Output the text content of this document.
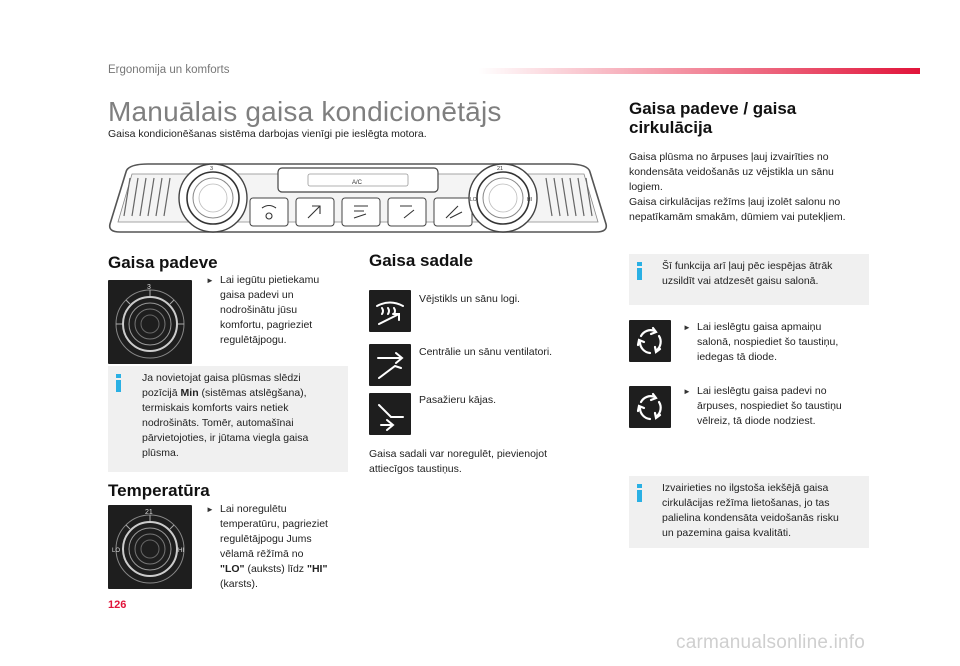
Ergonomija un komforts
Manuālais gaisa kondicionētājs
Gaisa kondicionēšanas sistēma darbojas vienīgi pie ieslēgta motora.
A/C
3	21
LO	HI
Gaisa padeve
3
► Lai iegūtu pietiekamu
gaisa padevi un
nodrošinātu jūsu
komfortu, pagrieziet
regulētājpogu.
Ja novietojat gaisa plūsmas slēdzi
pozīcijā Min (sistēmas atslēgšana),
termiskais komforts vairs netiek
nodrošināts. Tomēr, automašīnai
pārvietojoties, ir jūtama viegla gaisa
plūsma.
Temperatūra
21
LO	HI
► Lai noregulētu
temperatūru, pagrieziet
regulētājpogu Jums
vēlamā rēžīmā no
"LO" (auksts) līdz "HI"
(karsts).
Gaisa sadale
Vējstikls un sānu logi.
Centrālie un sānu ventilatori.
Pasažieru kājas.
Gaisa sadali var noregulēt, pievienojot
attiecīgos taustiņus.
Gaisa padeve / gaisa
cirkulācija
Gaisa plūsma no ārpuses ļauj izvairīties no
kondensāta veidošanās uz vējstikla un sānu
logiem.
Gaisa cirkulācijas režīms ļauj izolēt salonu no
nepatīkamām smakām, dūmiem vai putekļiem.
Šī funkcija arī ļauj pēc iespējas ātrāk
uzsildīt vai atdzesēt gaisu salonā.
► Lai ieslēgtu gaisa apmaiņu
salonā, nospiediet šo taustiņu,
iedegas tā diode.
► Lai ieslēgtu gaisa padevi no
ārpuses, nospiediet šo taustiņu
vēlreiz, tā diode nodziest.
Izvairieties no ilgstoša iekšējā gaisa
cirkulācijas režīma lietošanas, jo tas
palielina kondensāta veidošanās risku
un pazemina gaisa kvalitāti.
126
carmanualsonline.info
